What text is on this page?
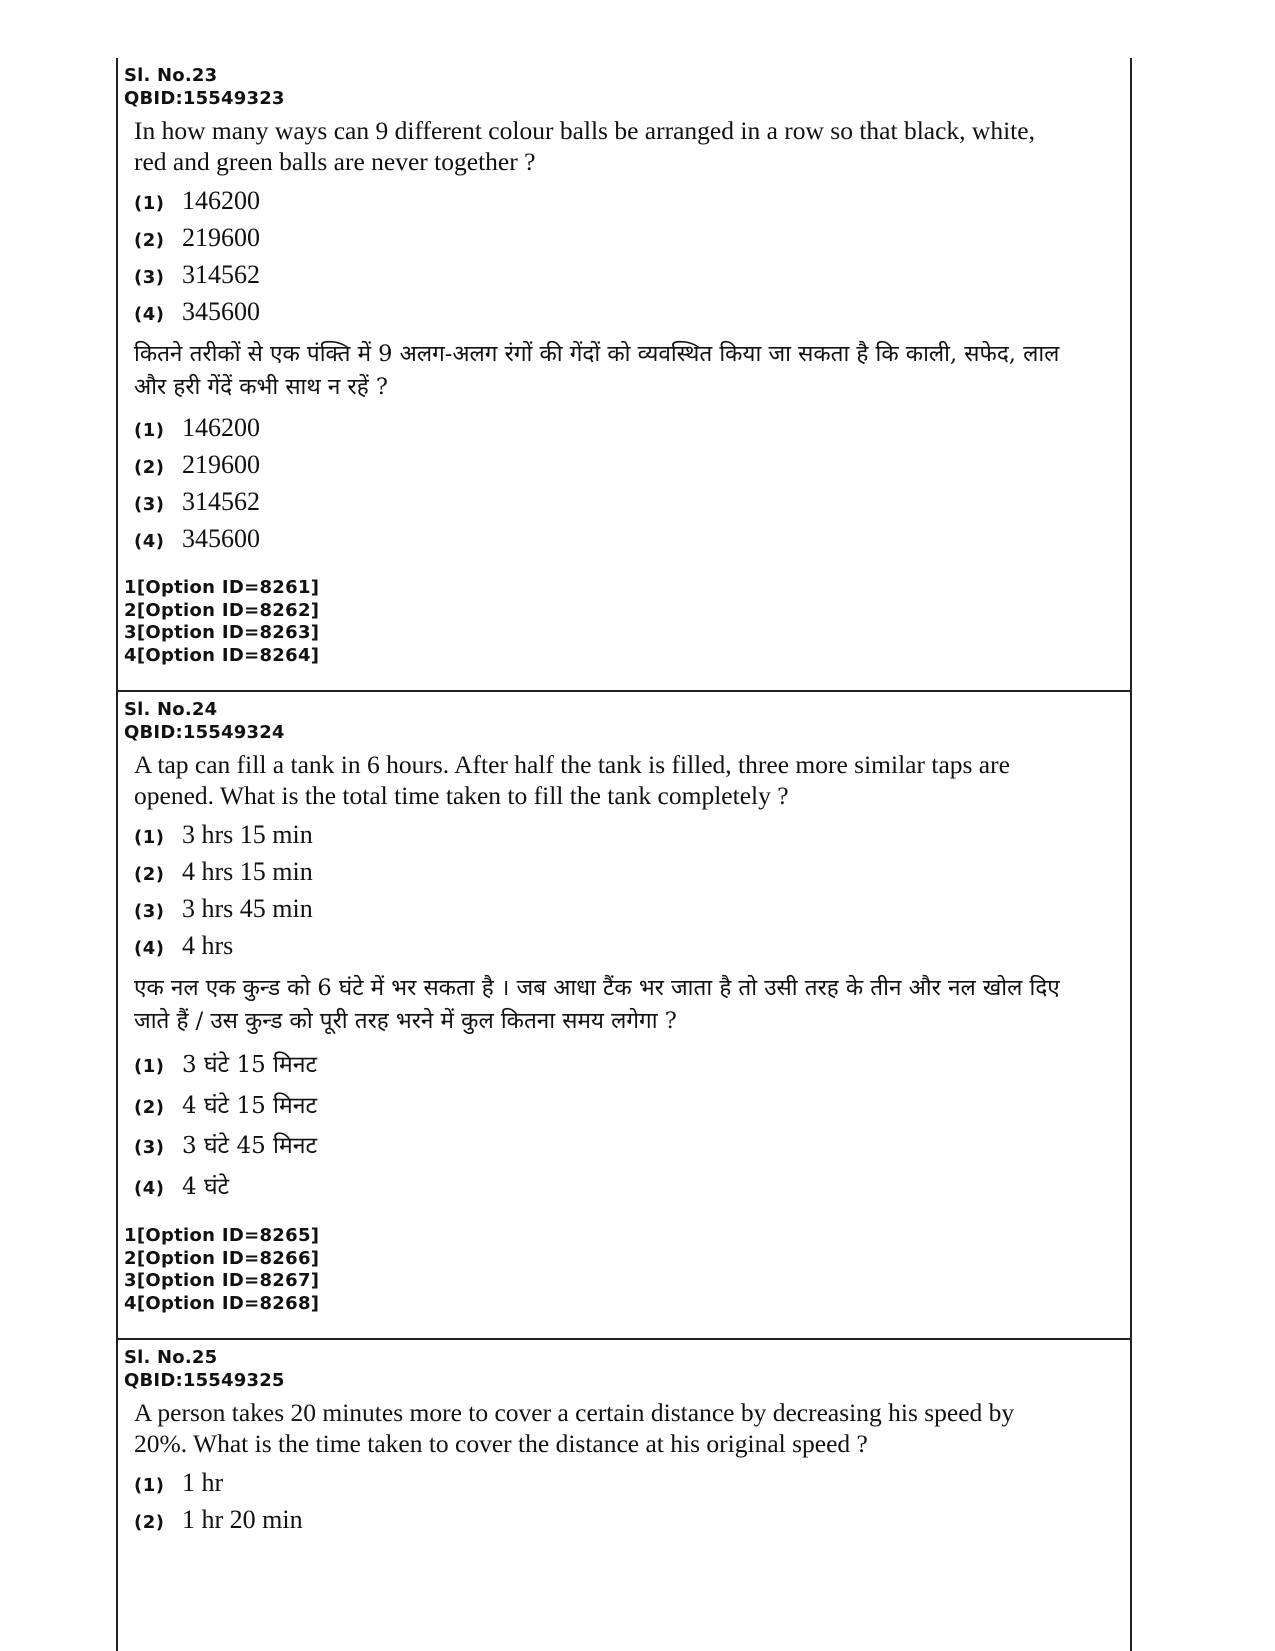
Sl. No.23
QBID:15549323
In how many ways can 9 different colour balls be arranged in a row so that black, white, red and green balls are never together ?
(1) 146200
(2) 219600
(3) 314562
(4) 345600
कितने तरीकों से एक पंक्ति में 9 अलग-अलग रंगों की गेंदों को व्यवस्थित किया जा सकता है कि काली, सफेद, लाल और हरी गेंदें कभी साथ न रहें ?
(1) 146200
(2) 219600
(3) 314562
(4) 345600
1[Option ID=8261]
2[Option ID=8262]
3[Option ID=8263]
4[Option ID=8264]
Sl. No.24
QBID:15549324
A tap can fill a tank in 6 hours. After half the tank is filled, three more similar taps are opened. What is the total time taken to fill the tank completely ?
(1) 3 hrs 15 min
(2) 4 hrs 15 min
(3) 3 hrs 45 min
(4) 4 hrs
एक नल एक कुन्ड को 6 घंटे में भर सकता है । जब आधा टैंक भर जाता है तो उसी तरह के तीन और नल खोल दिए जाते हैं / उस कुन्ड को पूरी तरह भरने में कुल कितना समय लगेगा ?
(1) 3 घंटे 15 मिनट
(2) 4 घंटे 15 मिनट
(3) 3 घंटे 45 मिनट
(4) 4 घंटे
1[Option ID=8265]
2[Option ID=8266]
3[Option ID=8267]
4[Option ID=8268]
Sl. No.25
QBID:15549325
A person takes 20 minutes more to cover a certain distance by decreasing his speed by 20%. What is the time taken to cover the distance at his original speed ?
(1) 1 hr
(2) 1 hr 20 min
